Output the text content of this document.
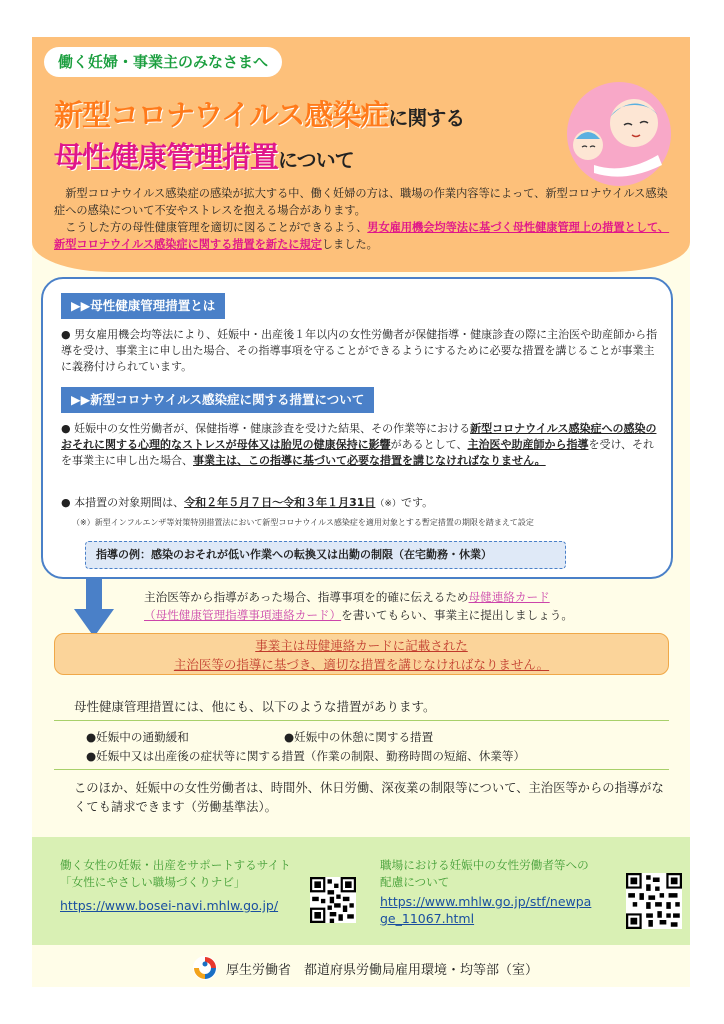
働く妊婦・事業主のみなさまへ
新型コロナウイルス感染症に関する
母性健康管理措置について

新型コロナウイルス感染症の感染が拡大する中、働く妊婦の方は、職場の作業内容等によって、新型コロナウイルス感染症への感染について不安やストレスを抱える場合があります。

こうした方の母性健康管理を適切に図ることができるよう、男女雇用機会均等法に基づく母性健康管理上の措置として、新型コロナウイルス感染症に関する措置を新たに規定しました。

▶▶母性健康管理措置とは
● 男女雇用機会均等法により、妊娠中・出産後１年以内の女性労働者が保健指導・健康診査の際に主治医や助産師から指導を受け、事業主に申し出た場合、その指導事項を守ることができるようにするために必要な措置を講じることが事業主に義務付けられています。
▶▶新型コロナウイルス感染症に関する措置について
● 妊娠中の女性労働者が、保健指導・健康診査を受けた結果、その作業等における新型コロナウイルス感染症への感染のおそれに関する心理的なストレスが母体又は胎児の健康保持に影響があるとして、主治医や助産師から指導を受け、それを事業主に申し出た場合、事業主は、この指導に基づいて必要な措置を講じなければなりません。
● 本措置の対象期間は、令和２年５月７日～令和３年１月31日（※）です。
（※）新型インフルエンザ等対策特別措置法において新型コロナウイルス感染症を適用対象とする暫定措置の期限を踏まえて設定
指導の例：感染のおそれが低い作業への転換又は出勤の制限（在宅勤務・休業）
主治医等から指導があった場合、指導事項を的確に伝えるため母健連絡カード
（母性健康管理指導事項連絡カード）を書いてもらい、事業主に提出しましょう。
事業主は母健連絡カードに記載された
主治医等の指導に基づき、適切な措置を講じなければなりません。
母性健康管理措置には、他にも、以下のような措置があります。
●妊娠中の通勤緩和	●妊娠中の休憩に関する措置
●妊娠中又は出産後の症状等に関する措置（作業の制限、勤務時間の短縮、休業等）
このほか、妊娠中の女性労働者は、時間外、休日労働、深夜業の制限等について、主治医等からの指導がなくても請求できます（労働基準法）。
働く女性の妊娠・出産をサポートするサイト
「女性にやさしい職場づくりナビ」
https://www.bosei-navi.mhlw.go.jp/
職場における妊娠中の女性労働者等への
配慮について
https://www.mhlw.go.jp/stf/newpa
ge_11067.html
厚生労働省　都道府県労働局雇用環境・均等部（室）
